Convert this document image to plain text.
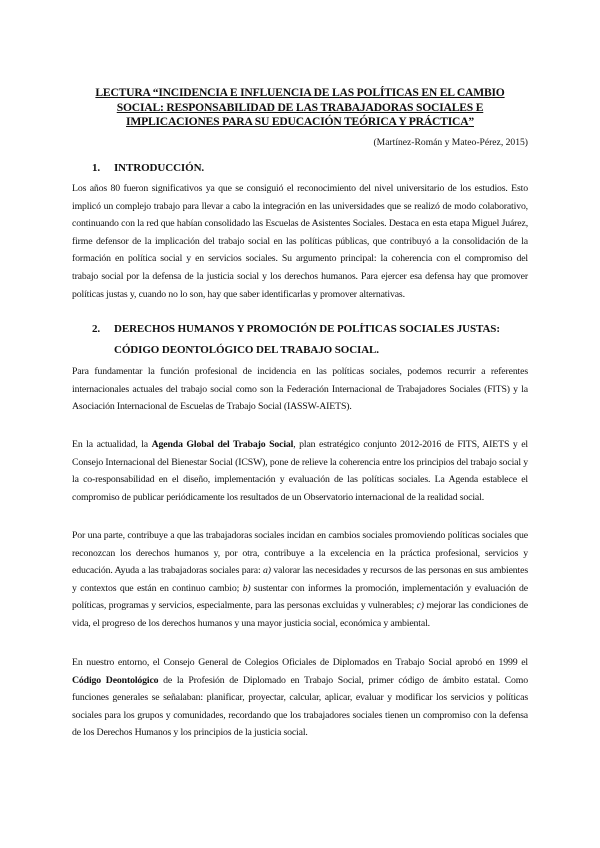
LECTURA “INCIDENCIA E INFLUENCIA DE LAS POLÍTICAS EN EL CAMBIO
SOCIAL: RESPONSABILIDAD DE LAS TRABAJADORAS SOCIALES E
IMPLICACIONES PARA SU EDUCACIÓN TEÓRICA Y PRÁCTICA”
(Martínez-Román y Mateo-Pérez, 2015)
1. INTRODUCCIÓN.

Los años 80 fueron significativos ya que se consiguió el reconocimiento del nivel universitario de los estudios. Esto implicó un complejo trabajo para llevar a cabo la integración en las universidades que se realizó de modo colaborativo, continuando con la red que habían consolidado las Escuelas de Asistentes Sociales. Destaca en esta etapa Miguel Juárez, firme defensor de la implicación del trabajo social en las políticas públicas, que contribuyó a la consolidación de la formación en política social y en servicios sociales. Su argumento principal: la coherencia con el compromiso del trabajo social por la defensa de la justicia social y los derechos humanos. Para ejercer esa defensa hay que promover políticas justas y, cuando no lo son, hay que saber identificarlas y promover alternativas.

2. DERECHOS HUMANOS Y PROMOCIÓN DE POLÍTICAS SOCIALES JUSTAS:
CÓDIGO DEONTOLÓGICO DEL TRABAJO SOCIAL.

Para fundamentar la función profesional de incidencia en las políticas sociales, podemos recurrir a referentes internacionales actuales del trabajo social como son la Federación Internacional de Trabajadores Sociales (FITS) y la Asociación Internacional de Escuelas de Trabajo Social (IASSW-AIETS).

En la actualidad, la Agenda Global del Trabajo Social, plan estratégico conjunto 2012-2016 de FITS, AIETS y el Consejo Internacional del Bienestar Social (ICSW), pone de relieve la coherencia entre los principios del trabajo social y la co-responsabilidad en el diseño, implementación y evaluación de las políticas sociales. La Agenda establece el compromiso de publicar periódicamente los resultados de un Observatorio internacional de la realidad social.

Por una parte, contribuye a que las trabajadoras sociales incidan en cambios sociales promoviendo políticas sociales que reconozcan los derechos humanos y, por otra, contribuye a la excelencia en la práctica profesional, servicios y educación. Ayuda a las trabajadoras sociales para: a) valorar las necesidades y recursos de las personas en sus ambientes y contextos que están en continuo cambio; b) sustentar con informes la promoción, implementación y evaluación de políticas, programas y servicios, especialmente, para las personas excluidas y vulnerables; c) mejorar las condiciones de vida, el progreso de los derechos humanos y una mayor justicia social, económica y ambiental.

En nuestro entorno, el Consejo General de Colegios Oficiales de Diplomados en Trabajo Social aprobó en 1999 el Código Deontológico de la Profesión de Diplomado en Trabajo Social, primer código de ámbito estatal. Como funciones generales se señalaban: planificar, proyectar, calcular, aplicar, evaluar y modificar los servicios y políticas sociales para los grupos y comunidades, recordando que los trabajadores sociales tienen un compromiso con la defensa de los Derechos Humanos y los principios de la justicia social.
